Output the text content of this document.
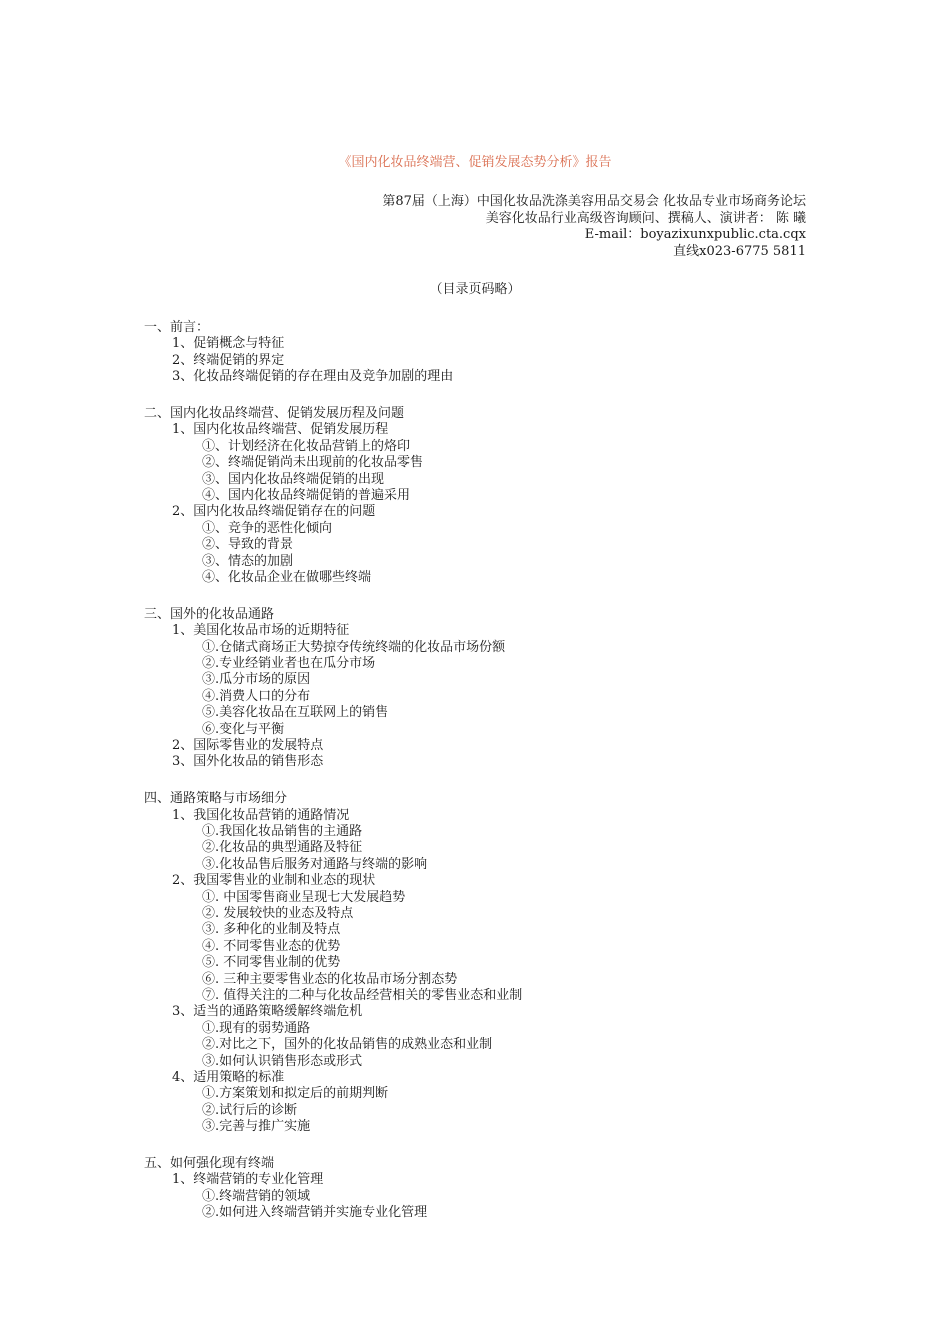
《国内化妆品终端营、促销发展态势分析》报告
第87届（上海）中国化妆品洗涤美容用品交易会 化妆品专业市场商务论坛
美容化妆品行业高级咨询顾问、撰稿人、演讲者： 陈 曦
E-mail：boyazixunxpublic.cta.cqx
直线x023-6775 5811
（目录页码略）
一、前言：
1、促销概念与特征
2、终端促销的界定
3、化妆品终端促销的存在理由及竞争加剧的理由
二、国内化妆品终端营、促销发展历程及问题
1、国内化妆品终端营、促销发展历程
①、计划经济在化妆品营销上的烙印
②、终端促销尚未出现前的化妆品零售
③、国内化妆品终端促销的出现
④、国内化妆品终端促销的普遍采用
2、国内化妆品终端促销存在的问题
①、竞争的恶性化倾向
②、导致的背景
③、情态的加剧
④、化妆品企业在做哪些终端
三、国外的化妆品通路
1、美国化妆品市场的近期特征
①.仓储式商场正大势掠夺传统终端的化妆品市场份额
②.专业经销业者也在瓜分市场
③.瓜分市场的原因
④.消费人口的分布
⑤.美容化妆品在互联网上的销售
⑥.变化与平衡
2、国际零售业的发展特点
3、国外化妆品的销售形态
四、通路策略与市场细分
1、我国化妆品营销的通路情况
①.我国化妆品销售的主通路
②.化妆品的典型通路及特征
③.化妆品售后服务对通路与终端的影响
2、我国零售业的业制和业态的现状
①. 中国零售商业呈现七大发展趋势
②. 发展较快的业态及特点
③. 多种化的业制及特点
④. 不同零售业态的优势
⑤. 不同零售业制的优势
⑥. 三种主要零售业态的化妆品市场分割态势
⑦. 值得关注的二种与化妆品经营相关的零售业态和业制
3、适当的通路策略缓解终端危机
①.现有的弱势通路
②.对比之下，国外的化妆品销售的成熟业态和业制
③.如何认识销售形态或形式
4、适用策略的标准
①.方案策划和拟定后的前期判断
②.试行后的诊断
③.完善与推广实施
五、如何强化现有终端
1、终端营销的专业化管理
①.终端营销的领域
②.如何进入终端营销并实施专业化管理
